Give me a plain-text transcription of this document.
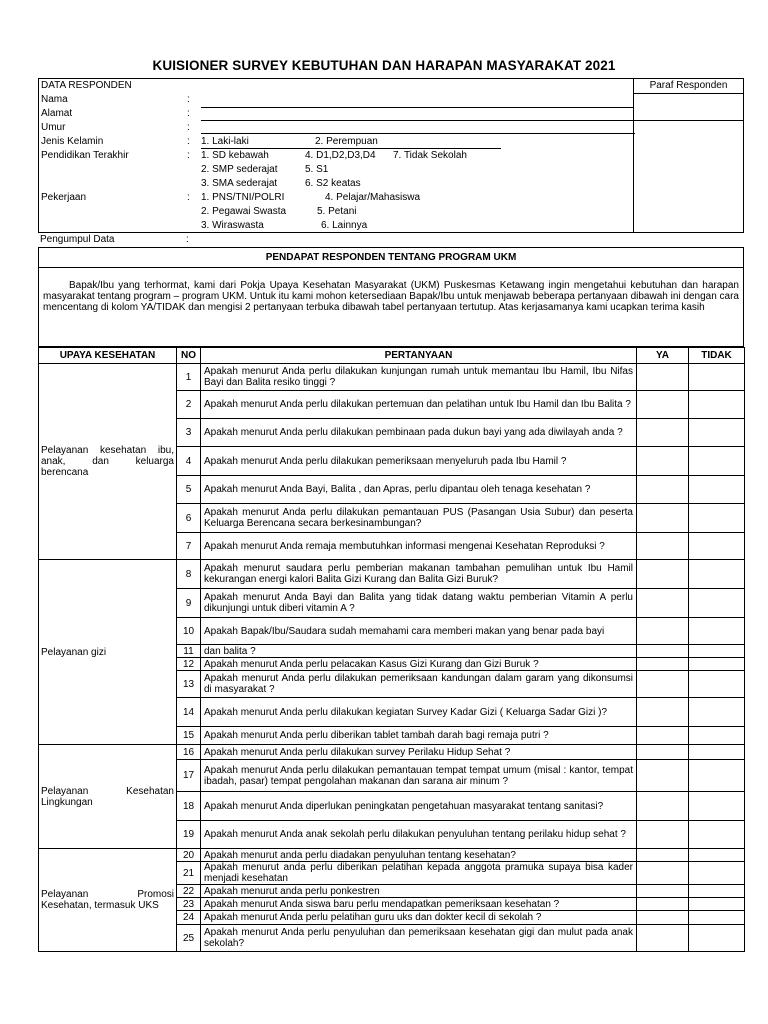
KUISIONER SURVEY KEBUTUHAN DAN HARAPAN MASYARAKAT 2021
DATA RESPONDEN
Nama	:
Alamat	:
Umur	:
Jenis Kelamin	: 1. Laki-laki	2. Perempuan
Pendidikan Terakhir	: 1. SD kebawah	4. D1,D2,D3,D4 7. Tidak Sekolah
2. SMP sederajat	5. S1
3. SMA sederajat	6. S2 keatas
Pekerjaan	: 1. PNS/TNI/POLRI	4. Pelajar/Mahasiswa
2. Pegawai Swasta	5. Petani
3. Wiraswasta	6. Lainnya
Paraf Responden
Pengumpul Data	:
PENDAPAT RESPONDEN TENTANG PROGRAM UKM
Bapak/Ibu yang terhormat, kami dari Pokja Upaya Kesehatan Masyarakat (UKM) Puskesmas Ketawang ingin mengetahui kebutuhan dan harapan masyarakat tentang program – program UKM. Untuk itu kami mohon ketersediaan Bapak/Ibu untuk menjawab beberapa pertanyaan dibawah ini dengan cara mencentang di kolom YA/TIDAK dan mengisi 2 pertanyaan terbuka dibawah tabel pertanyaan tertutup. Atas kerjasamanya kami ucapkan terima kasih
UPAYA KESEHATAN	NO	PERTANYAAN	YA	TIDAK
Pelayanan kesehatan ibu, anak, dan keluarga berencana	1	Apakah menurut Anda perlu dilakukan kunjungan rumah untuk memantau Ibu Hamil, Ibu Nifas Bayi dan Balita resiko tinggi ?		
	2	Apakah menurut Anda perlu dilakukan pertemuan dan pelatihan untuk Ibu Hamil dan Ibu Balita ?		
	3	Apakah menurut Anda perlu dilakukan pembinaan pada dukun bayi yang ada diwilayah anda ?		
	4	Apakah menurut Anda perlu dilakukan pemeriksaan menyeluruh pada Ibu Hamil ?		
	5	Apakah menurut Anda Bayi, Balita , dan Apras, perlu dipantau oleh tenaga kesehatan ?		
	6	Apakah menurut Anda perlu dilakukan pemantauan PUS (Pasangan Usia Subur) dan peserta Keluarga Berencana secara berkesinambungan?		
	7	Apakah menurut Anda remaja membutuhkan informasi mengenai Kesehatan Reproduksi ?		
Pelayanan gizi	8	Apakah menurut saudara perlu pemberian makanan tambahan pemulihan untuk Ibu Hamil kekurangan energi kalori Balita Gizi Kurang dan Balita Gizi Buruk?		
	9	Apakah menurut Anda Bayi dan Balita yang tidak datang waktu pemberian Vitamin A perlu dikunjungi untuk diberi vitamin A ?		
	10	Apakah Bapak/Ibu/Saudara sudah memahami cara memberi makan yang benar pada bayi		
	11	dan balita ?		
	12	Apakah menurut Anda perlu pelacakan Kasus Gizi Kurang dan Gizi Buruk ?		
	13	Apakah menurut Anda perlu dilakukan pemeriksaan kandungan dalam garam yang dikonsumsi di masyarakat ?		
	14	Apakah menurut Anda perlu dilakukan kegiatan Survey Kadar Gizi ( Keluarga Sadar Gizi )?		
	15	Apakah menurut Anda perlu diberikan tablet tambah darah bagi remaja putri ?		
Pelayanan Kesehatan Lingkungan	16	Apakah menurut Anda perlu dilakukan survey Perilaku Hidup Sehat ?		
	17	Apakah menurut Anda perlu dilakukan pemantauan tempat tempat umum (misal : kantor, tempat ibadah, pasar) tempat pengolahan makanan dan sarana air minum ?		
	18	Apakah menurut Anda diperlukan peningkatan pengetahuan masyarakat tentang sanitasi?		
	19	Apakah menurut Anda anak sekolah perlu dilakukan penyuluhan tentang perilaku hidup sehat ?		
Pelayanan Promosi Kesehatan, termasuk UKS	20	Apakah menurut anda perlu diadakan penyuluhan tentang kesehatan?		
	21	Apakah menurut anda perlu diberikan pelatihan kepada anggota pramuka supaya bisa kader menjadi kesehatan		
	22	Apakah menurut anda perlu ponkestren		
	23	Apakah menurut Anda siswa baru perlu mendapatkan pemeriksaan kesehatan ?		
	24	Apakah menurut Anda perlu pelatihan guru uks dan dokter kecil di sekolah ?		
	25	Apakah menurut Anda perlu penyuluhan dan pemeriksaan kesehatan gigi dan mulut pada anak sekolah?		
